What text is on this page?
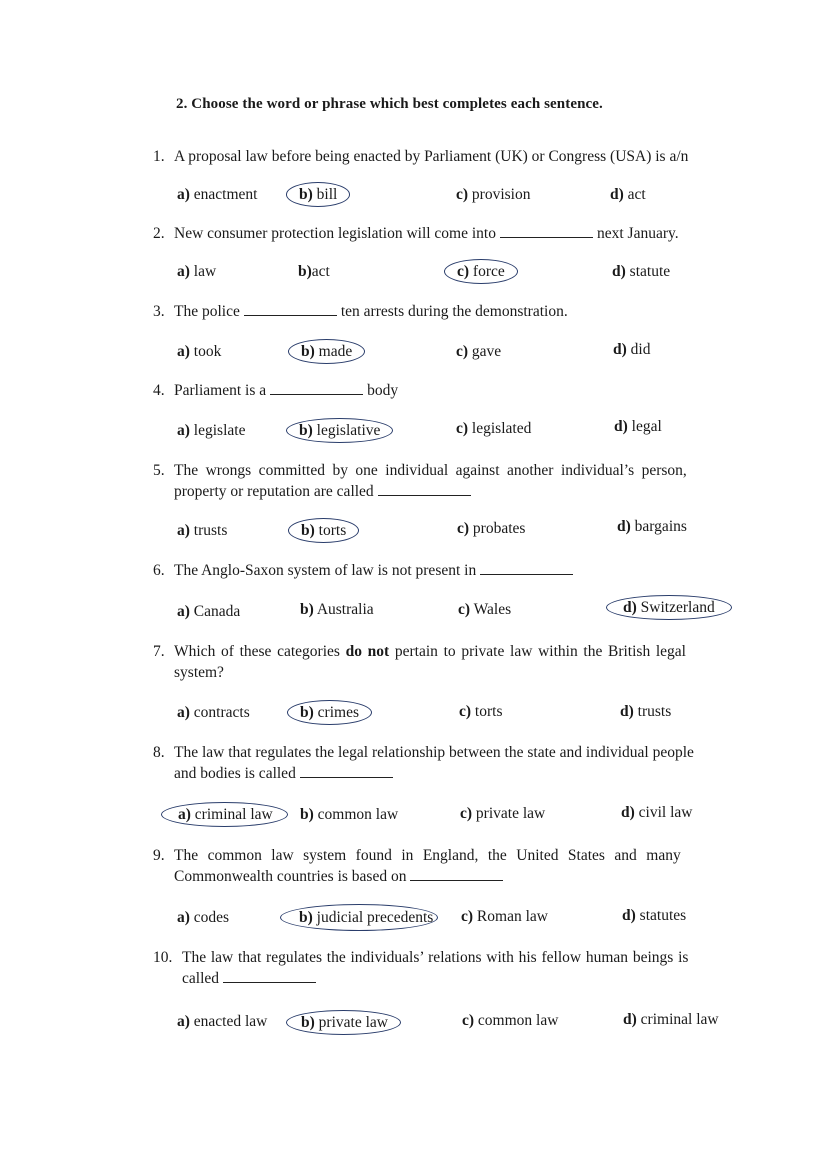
2. Choose the word or phrase which best completes each sentence.
1. A proposal law before being enacted by Parliament (UK) or Congress (USA) is a/n
a) enactment	b) bill	c) provision	d) act
2. New consumer protection legislation will come into	next January.
a) law	b)act	c) force	d) statute
3. The police	ten arrests during the demonstration.
a) took	b) made	c) gave	d) did
4. Parliament is a	body
a) legislate	b) legislative	c) legislated	d) legal
5. The wrongs committed by one individual against another individual’s person,
property or reputation are called
a) trusts	b) torts	c) probates	d) bargains
6. The Anglo-Saxon system of law is not present in
a) Canada	b) Australia	c) Wales	d) Switzerland
7. Which of these categories do not pertain to private law within the British legal
system?
a) contracts	b) crimes	c) torts	d) trusts
8. The law that regulates the legal relationship between the state and individual people
and bodies is called
a) criminal law	b) common law	c) private law	d) civil law
9. The common law system found in England, the United States and many
Commonwealth countries is based on
a) codes	b) judicial precedents	c) Roman law	d) statutes
10. The law that regulates the individuals’ relations with his fellow human beings is
called
a) enacted law b) private law	c) common law	d) criminal law
